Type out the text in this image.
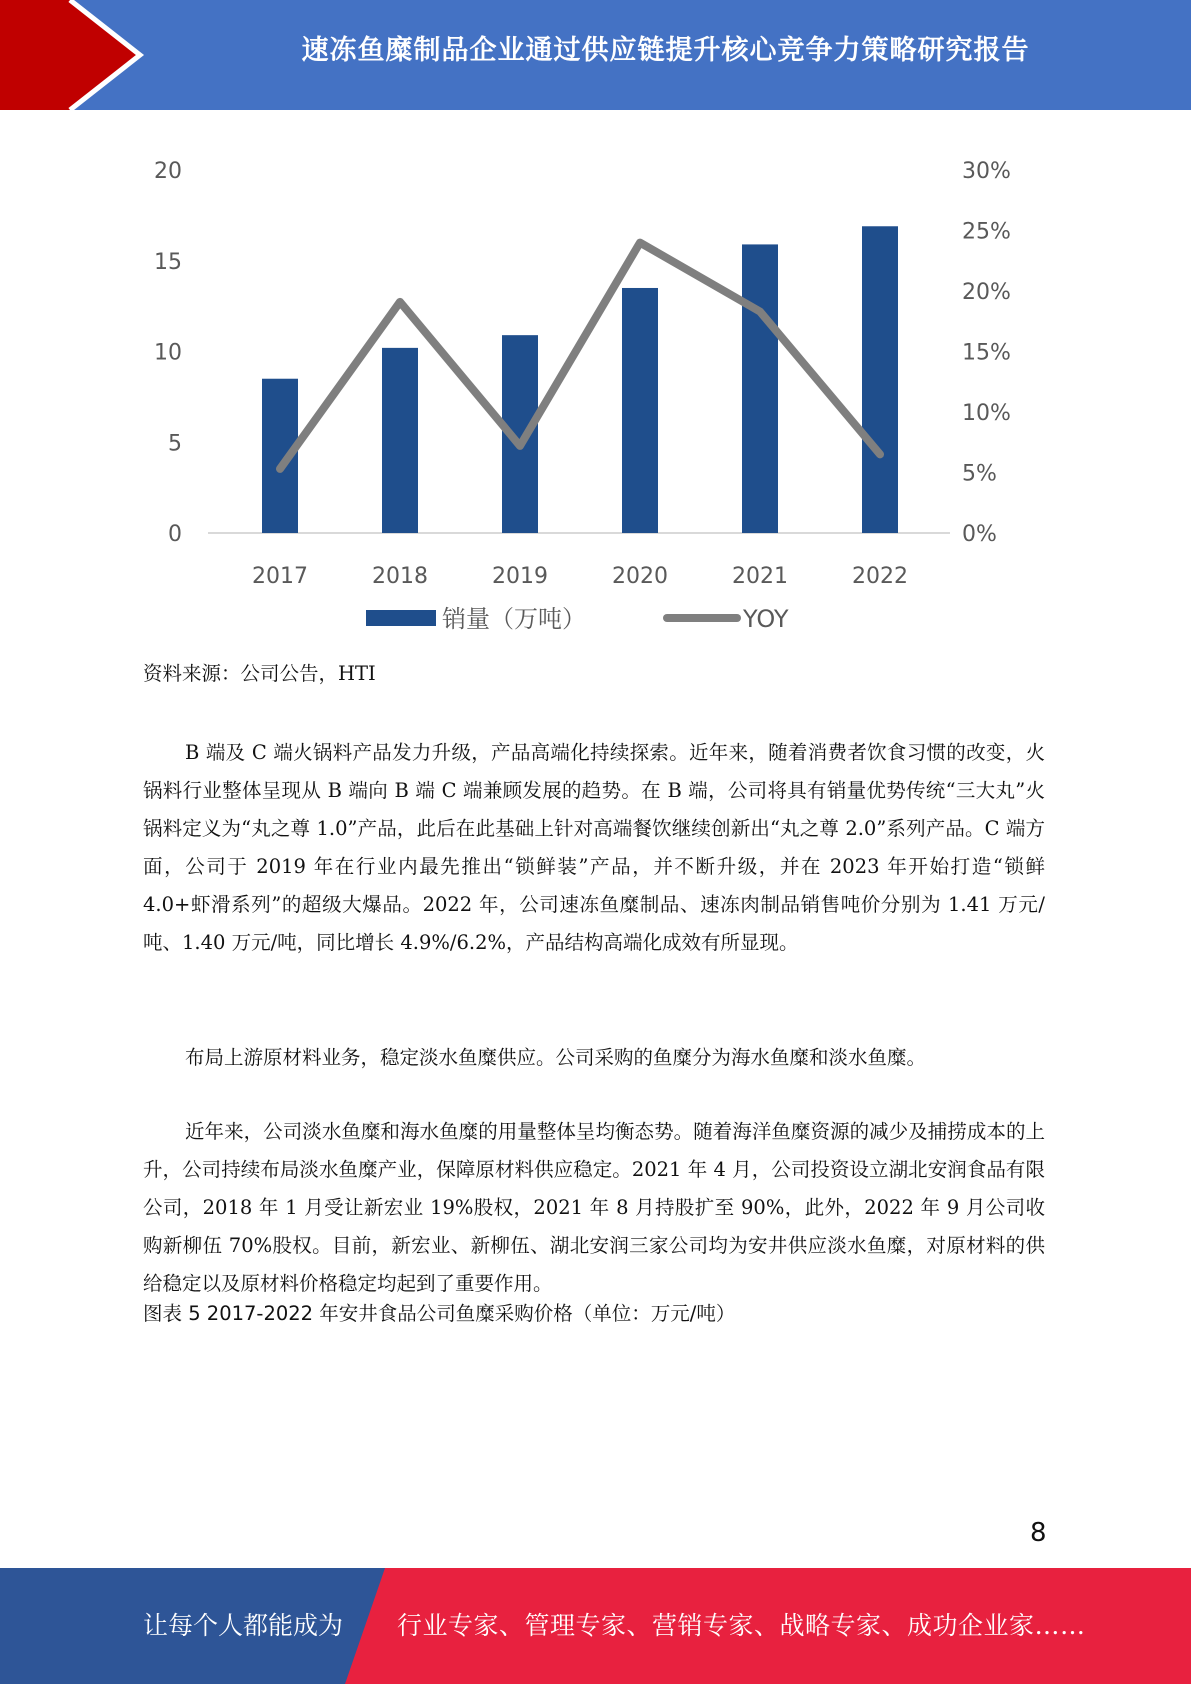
速冻鱼糜制品企业通过供应链提升核心竞争力策略研究报告
0
5
10
15
20
0%
5%
10%
15%
20%
25%
30%
2017	2018	2019	2020	2021	2022
销量（万吨）	YOY
资料来源：公司公告，HTI

B 端及 C 端火锅料产品发力升级，产品高端化持续探索。近年来，随着消费者饮食习惯的改变，火锅料行业整体呈现从 B 端向 B 端 C 端兼顾发展的趋势。在 B 端，公司将具有销量优势传统“三大丸”火锅料定义为“丸之尊 1.0”产品，此后在此基础上针对高端餐饮继续创新出“丸之尊 2.0”系列产品。C 端方面，公司于 2019 年在行业内最先推出“锁鲜装”产品，并不断升级，并在 2023 年开始打造“锁鲜 4.0+虾滑系列”的超级大爆品。2022 年，公司速冻鱼糜制品、速冻肉制品销售吨价分别为 1.41 万元/吨、1.40 万元/吨，同比增长 4.9%/6.2%，产品结构高端化成效有所显现。

布局上游原材料业务，稳定淡水鱼糜供应。公司采购的鱼糜分为海水鱼糜和淡水鱼糜。

近年来，公司淡水鱼糜和海水鱼糜的用量整体呈均衡态势。随着海洋鱼糜资源的减少及捕捞成本的上升，公司持续布局淡水鱼糜产业，保障原材料供应稳定。2021 年 4 月，公司投资设立湖北安润食品有限公司，2018 年 1 月受让新宏业 19%股权，2021 年 8 月持股扩至 90%，此外，2022 年 9 月公司收购新柳伍 70%股权。目前，新宏业、新柳伍、湖北安润三家公司均为安井供应淡水鱼糜，对原材料的供给稳定以及原材料价格稳定均起到了重要作用。

图表 5 2017-2022 年安井食品公司鱼糜采购价格（单位：万元/吨）
8
让每个人都能成为 行业专家、管理专家、营销专家、战略专家、成功企业家……
